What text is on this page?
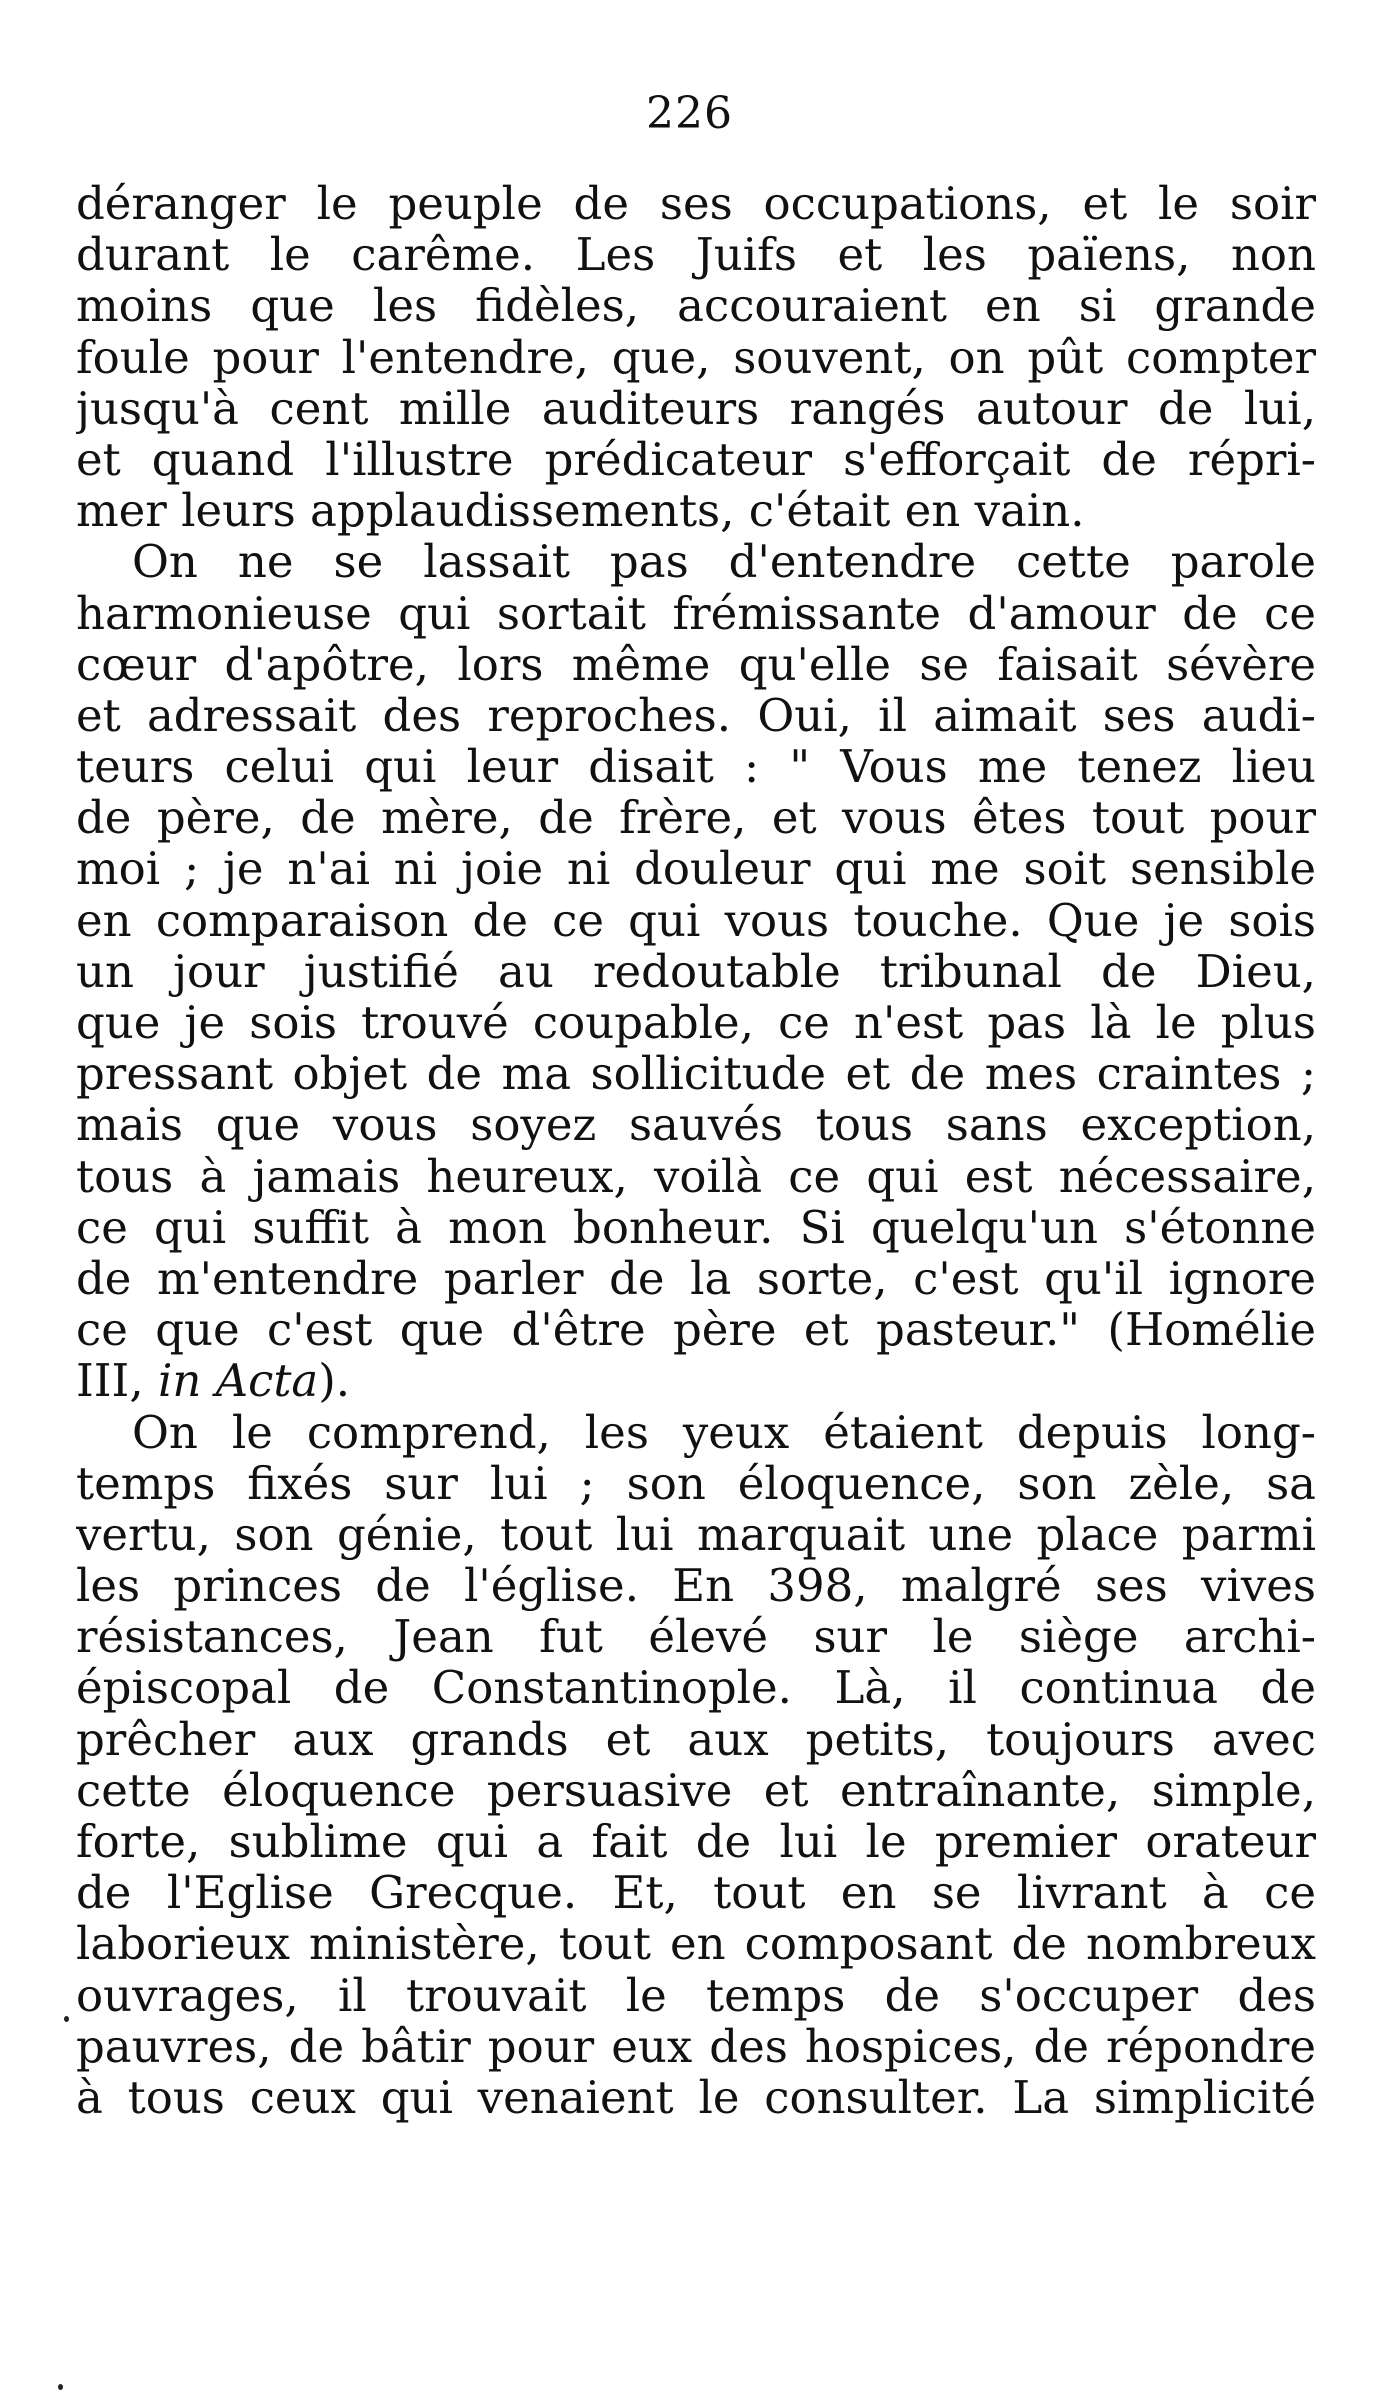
226
déranger le peuple de ses occupations, et le soir
durant le carême. Les Juifs et les païens, non
moins que les fidèles, accouraient en si grande
foule pour l'entendre, que, souvent, on pût compter
jusqu'à cent mille auditeurs rangés autour de lui,
et quand l'illustre prédicateur s'efforçait de répri-
mer leurs applaudissements, c'était en vain.
On ne se lassait pas d'entendre cette parole
harmonieuse qui sortait frémissante d'amour de ce
cœur d'apôtre, lors même qu'elle se faisait sévère
et adressait des reproches. Oui, il aimait ses audi-
teurs celui qui leur disait : " Vous me tenez lieu
de père, de mère, de frère, et vous êtes tout pour
moi ; je n'ai ni joie ni douleur qui me soit sensible
en comparaison de ce qui vous touche. Que je sois
un jour justifié au redoutable tribunal de Dieu,
que je sois trouvé coupable, ce n'est pas là le plus
pressant objet de ma sollicitude et de mes craintes ;
mais que vous soyez sauvés tous sans exception,
tous à jamais heureux, voilà ce qui est nécessaire,
ce qui suffit à mon bonheur. Si quelqu'un s'étonne
de m'entendre parler de la sorte, c'est qu'il ignore
ce que c'est que d'être père et pasteur." (Homélie
III, in Acta).
On le comprend, les yeux étaient depuis long-
temps fixés sur lui ; son éloquence, son zèle, sa
vertu, son génie, tout lui marquait une place parmi
les princes de l'église. En 398, malgré ses vives
résistances, Jean fut élevé sur le siège archi-
épiscopal de Constantinople. Là, il continua de
prêcher aux grands et aux petits, toujours avec
cette éloquence persuasive et entraînante, simple,
forte, sublime qui a fait de lui le premier orateur
de l'Eglise Grecque. Et, tout en se livrant à ce
laborieux ministère, tout en composant de nombreux
ouvrages, il trouvait le temps de s'occuper des
pauvres, de bâtir pour eux des hospices, de répondre
à tous ceux qui venaient le consulter. La simplicité
